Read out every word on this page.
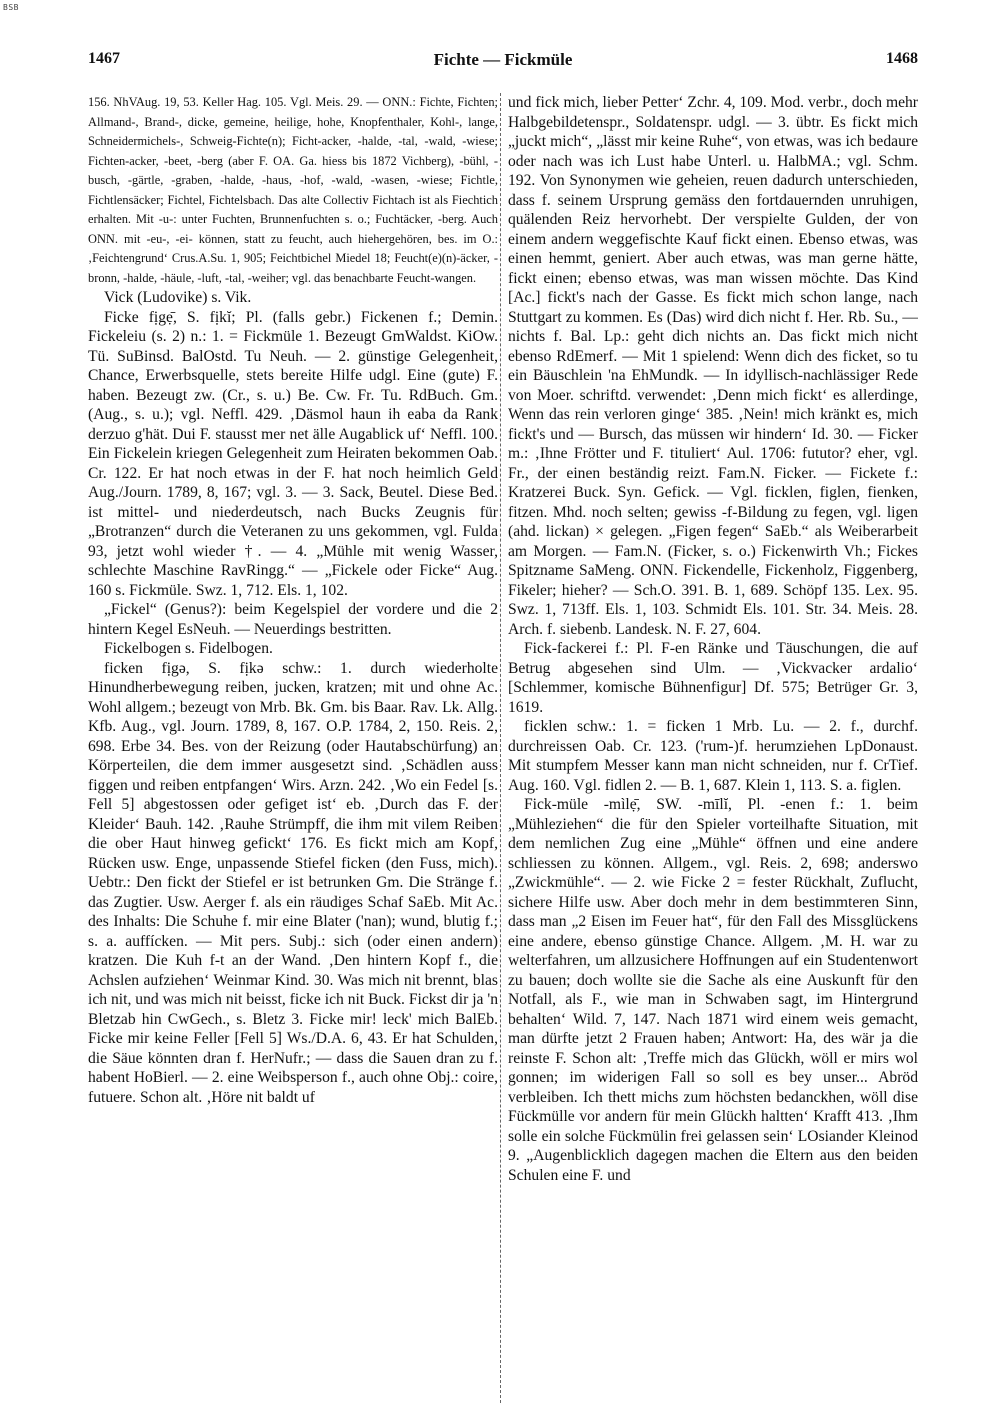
BSB
1467	Fichte — Fickmüle	1468

156. NhVAug. 19, 53. Keller Hag. 105. Vgl. Meis. 29. — ONN.: Fichte, Fichten; Allmand-, Brand-, dicke, gemeine, heilige, hohe, Knopfenthaler, Kohl-, lange, Schneidermichels-, Schweig-Fichte(n); Ficht-acker, -halde, -tal, -wald, -wiese; Fichten-acker, -beet, -berg (aber F. OA. Ga. hiess bis 1872 Vichberg), -bühl, -busch, -gärtle, -graben, -halde, -haus, -hof, -wald, -wasen, -wiese; Fichtle, Fichtlensäcker; Fichtel, Fichtelsbach. Das alte Collectiv Fichtach ist als Fiechtich erhalten. Mit -u-: unter Fuchten, Brunnenfuchten s. o.; Fuchtäcker, -berg. Auch ONN. mit -eu-, -ei- können, statt zu feucht, auch hiehergehören, bes. im O.: ‚Feichtengrund‘ Crus.A.Su. 1, 905; Feichtbichel Miedel 18; Feucht(e)(n)-äcker, -bronn, -halde, -häule, -luft, -tal, -weiher; vgl. das benachbarte Feucht-wangen.

Vick (Ludovike) s. Vik.

Ficke fịgẹ̄, S. fịkĭ; Pl. (falls gebr.) Fickenen f.; Demin. Fickeleiu (s. 2) n.: 1. = Fickmüle 1. Bezeugt GmWaldst. KiOw. Tü. SuBinsd. BalOstd. Tu Neuh. — 2. günstige Gelegenheit, Chance, Erwerbsquelle, stets bereite Hilfe udgl. Eine (gute) F. haben. Bezeugt zw. (Cr., s. u.) Be. Cw. Fr. Tu. RdBuch. Gm. (Aug., s. u.); vgl. Neffl. 429. ‚Däsmol haun ih eaba da Rank derzuo g'hät. Dui F. stausst mer net älle Augablick uf‘ Neffl. 100. Ein Fickelein kriegen Gelegenheit zum Heiraten bekommen Oab. Cr. 122. Er hat noch etwas in der F. hat noch heimlich Geld Aug./Journ. 1789, 8, 167; vgl. 3. — 3. Sack, Beutel. Diese Bed. ist mittel- und niederdeutsch, nach Bucks Zeugnis für „Brotranzen“ durch die Veteranen zu uns gekommen, vgl. Fulda 93, jetzt wohl wieder †. — 4. „Mühle mit wenig Wasser, schlechte Maschine RavRingg.“ — „Fickele oder Ficke“ Aug. 160 s. Fickmüle. Swz. 1, 712. Els. 1, 102.

„Fickel“ (Genus?): beim Kegelspiel der vordere und die 2 hintern Kegel EsNeuh. — Neuerdings bestritten.

Fickelbogen s. Fidelbogen.

ficken fịgə, S. fịkə schw.: 1. durch wiederholte Hinundherbewegung reiben, jucken, kratzen; mit und ohne Ac. Wohl allgem.; bezeugt von Mrb. Bk. Gm. bis Baar. Rav. Lk. Allg. Kfb. Aug., vgl. Journ. 1789, 8, 167. O.P. 1784, 2, 150. Reis. 2, 698. Erbe 34. Bes. von der Reizung (oder Hautabschürfung) an Körperteilen, die dem immer ausgesetzt sind. ‚Schädlen auss figgen und reiben entpfangen‘ Wirs. Arzn. 242. ‚Wo ein Fedel [s. Fell 5] abgestossen oder gefiget ist‘ eb. ‚Durch das F. der Kleider‘ Bauh. 142. ‚Rauhe Strümpff, die ihm mit vilem Reiben die ober Haut hinweg gefickt‘ 176. Es fickt mich am Kopf, Rücken usw. Enge, unpassende Stiefel ficken (den Fuss, mich). Uebtr.: Den fickt der Stiefel er ist betrunken Gm. Die Stränge f. das Zugtier. Usw. Aerger f. als ein räudiges Schaf SaEb. Mit Ac. des Inhalts: Die Schuhe f. mir eine Blater ('nan); wund, blutig f.; s. a. auffícken. — Mit pers. Subj.: sich (oder einen andern) kratzen. Die Kuh f-t an der Wand. ‚Den hintern Kopf f., die Achslen aufziehen‘ Weinmar Kind. 30. Was mich nit brennt, blas ich nit, und was mich nit beisst, ficke ich nit Buck. Fickst dir ja 'n Bletzab hin CwGech., s. Bletz 3. Ficke mir! leck' mich BalEb. Ficke mir keine Feller [Fell 5] Ws./D.A. 6, 43. Er hat Schulden, die Säue könnten dran f. HerNufr.; — dass die Sauen dran zu f. habent HoBierl. — 2. eine Weibsperson f., auch ohne Obj.: coire, futuere. Schon alt. ‚Höre nit baldt uf

und fick mich, lieber Petter‘ Zchr. 4, 109. Mod. verbr., doch mehr Halbgebildetenspr., Soldatenspr. udgl. — 3. übtr. Es fickt mich „juckt mich“, „lässt mir keine Ruhe“, von etwas, was ich bedaure oder nach was ich Lust habe Unterl. u. HalbMA.; vgl. Schm. 192. Von Synonymen wie geheien, reuen dadurch unterschieden, dass f. seinem Ursprung gemäss den fortdauernden unruhigen, quälenden Reiz hervorhebt. Der verspielte Gulden, der von einem andern weggefischte Kauf fickt einen. Ebenso etwas, was einen hemmt, geniert. Aber auch etwas, was man gerne hätte, fickt einen; ebenso etwas, was man wissen möchte. Das Kind [Ac.] fickt's nach der Gasse. Es fickt mich schon lange, nach Stuttgart zu kommen. Es (Das) wird dich nicht f. Her. Rb. Su., — nichts f. Bal. Lp.: geht dich nichts an. Das fickt mich nicht ebenso RdEmerf. — Mit 1 spielend: Wenn dich des ficket, so tu ein Bäuschlein 'na EhMundk. — In idyllisch-nachlässiger Rede von Moer. schriftd. verwendet: ‚Denn mich fickt‘ es allerdinge, Wenn das rein verloren ginge‘ 385. ‚Nein! mich kränkt es, mich fickt's und — Bursch, das müssen wir hindern‘ Id. 30. — Ficker m.: ‚Ihne Frötter und F. tituliert‘ Aul. 1706: fututor? eher, vgl. Fr., der einen beständig reizt. Fam.N. Ficker. — Fickete f.: Kratzerei Buck. Syn. Gefick. — Vgl. ficklen, figlen, fienken, fitzen. Mhd. noch selten; gewiss -f-Bildung zu fegen, vgl. ligen (ahd. lickan) × gelegen. „Figen fegen“ SaEb.“ als Weiberarbeit am Morgen. — Fam.N. (Ficker, s. o.) Fickenwirth Vh.; Fickes Spitzname SaMeng. ONN. Fickendelle, Fickenholz, Figgenberg, Fikeler; hieher? — Sch.O. 391. B. 1, 689. Schöpf 135. Lex. 95. Swz. 1, 713ff. Els. 1, 103. Schmidt Els. 101. Str. 34. Meis. 28. Arch. f. siebenb. Landesk. N. F. 27, 604.

Fick-fackerei f.: Pl. F-en Ränke und Täuschungen, die auf Betrug abgesehen sind Ulm. — ‚Vickvacker ardalio‘ [Schlemmer, komische Bühnenfigur] Df. 575; Betrüger Gr. 3, 1619.

ficklen schw.: 1. = ficken 1 Mrb. Lu. — 2. f., durchf. durchreissen Oab. Cr. 123. ('rum-)f. herumziehen LpDonaust. Mit stumpfem Messer kann man nicht schneiden, nur f. CrTief. Aug. 160. Vgl. fidlen 2. — B. 1, 687. Klein 1, 113. S. a. figlen.

Fick-müle -mìlẹ̄, SW. -mīlĭ, Pl. -enen f.: 1. beim „Mühleziehen“ die für den Spieler vorteilhafte Situation, mit dem nemlichen Zug eine „Mühle“ öffnen und eine andere schliessen zu können. Allgem., vgl. Reis. 2, 698; anderswo „Zwickmühle“. — 2. wie Ficke 2 = fester Rückhalt, Zuflucht, sichere Hilfe usw. Aber doch mehr in dem bestimmteren Sinn, dass man „2 Eisen im Feuer hat“, für den Fall des Missglückens eine andere, ebenso günstige Chance. Allgem. ‚M. H. war zu welterfahren, um allzusichere Hoffnungen auf ein Studentenwort zu bauen; doch wollte sie die Sache als eine Auskunft für den Notfall, als F., wie man in Schwaben sagt, im Hintergrund behalten‘ Wild. 7, 147. Nach 1871 wird einem weis gemacht, man dürfte jetzt 2 Frauen haben; Antwort: Ha, des wär ja die reinste F. Schon alt: ‚Treffe mich das Glückh, wöll er mirs wol gonnen; im widerigen Fall so soll es bey unser... Abröd verbleiben. Ich thett michs zum höchsten bedanckhen, wöll dise Fückmülle vor andern für mein Glückh haltten‘ Krafft 413. ‚Ihm solle ein solche Fückmülin frei gelassen sein‘ LOsiander Kleinod 9. „Augenblicklich dagegen machen die Eltern aus den beiden Schulen eine F. und
